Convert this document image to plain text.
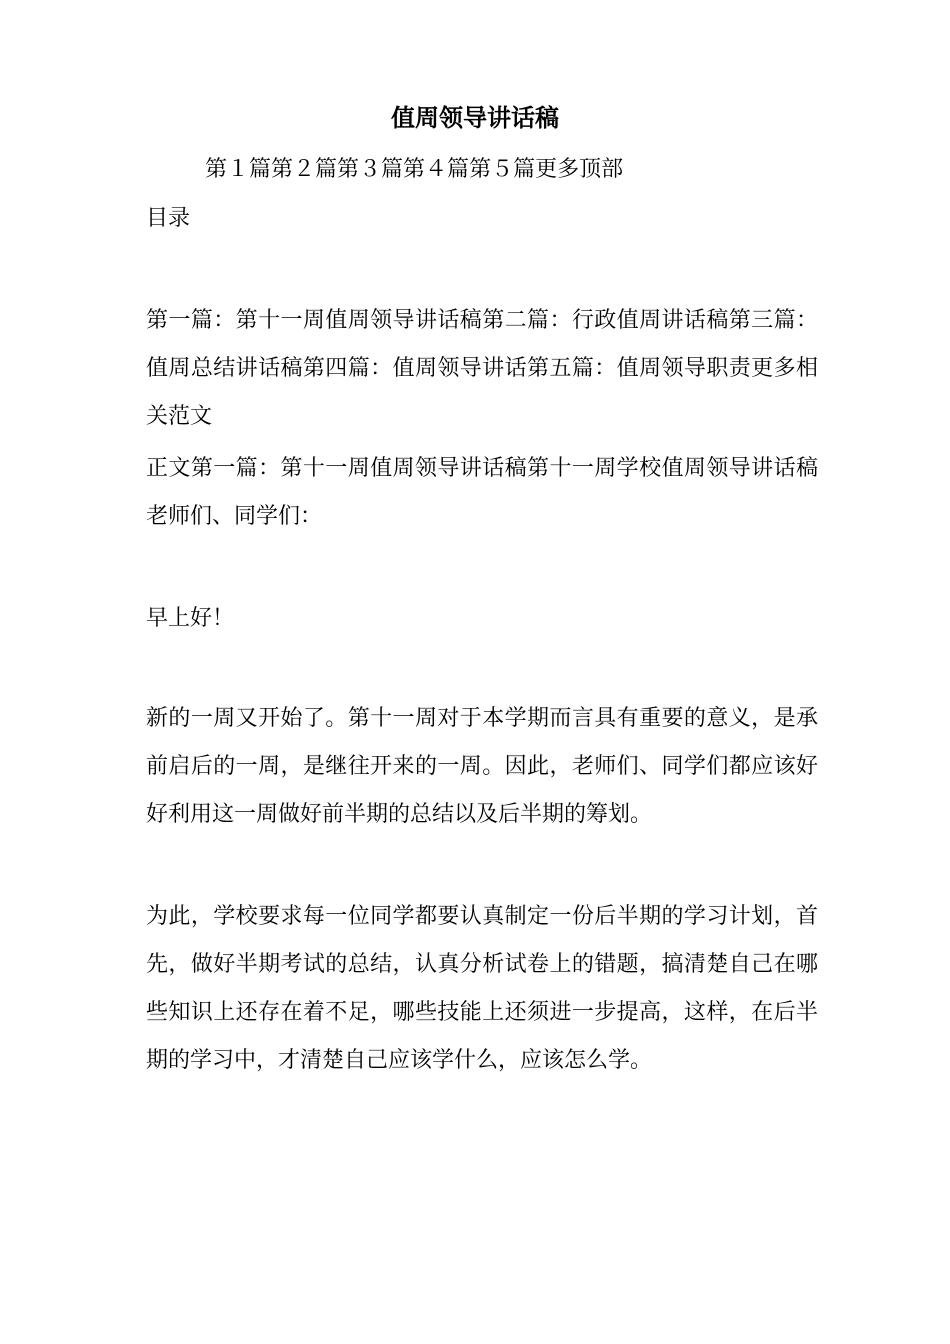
值周领导讲话稿
第１篇第２篇第３篇第４篇第５篇更多顶部
目录
第一篇：第十一周值周领导讲话稿第二篇：行政值周讲话稿第三篇：值周总结讲话稿第四篇：值周领导讲话第五篇：值周领导职责更多相关范文
正文第一篇：第十一周值周领导讲话稿第十一周学校值周领导讲话稿 老师们、同学们：
早上好！
新的一周又开始了。第十一周对于本学期而言具有重要的意义，是承前启后的一周，是继往开来的一周。因此，老师们、同学们都应该好好利用这一周做好前半期的总结以及后半期的筹划。
为此，学校要求每一位同学都要认真制定一份后半期的学习计划，首先，做好半期考试的总结，认真分析试卷上的错题，搞清楚自己在哪些知识上还存在着不足，哪些技能上还须进一步提高，这样，在后半期的学习中，才清楚自己应该学什么，应该怎么学。
